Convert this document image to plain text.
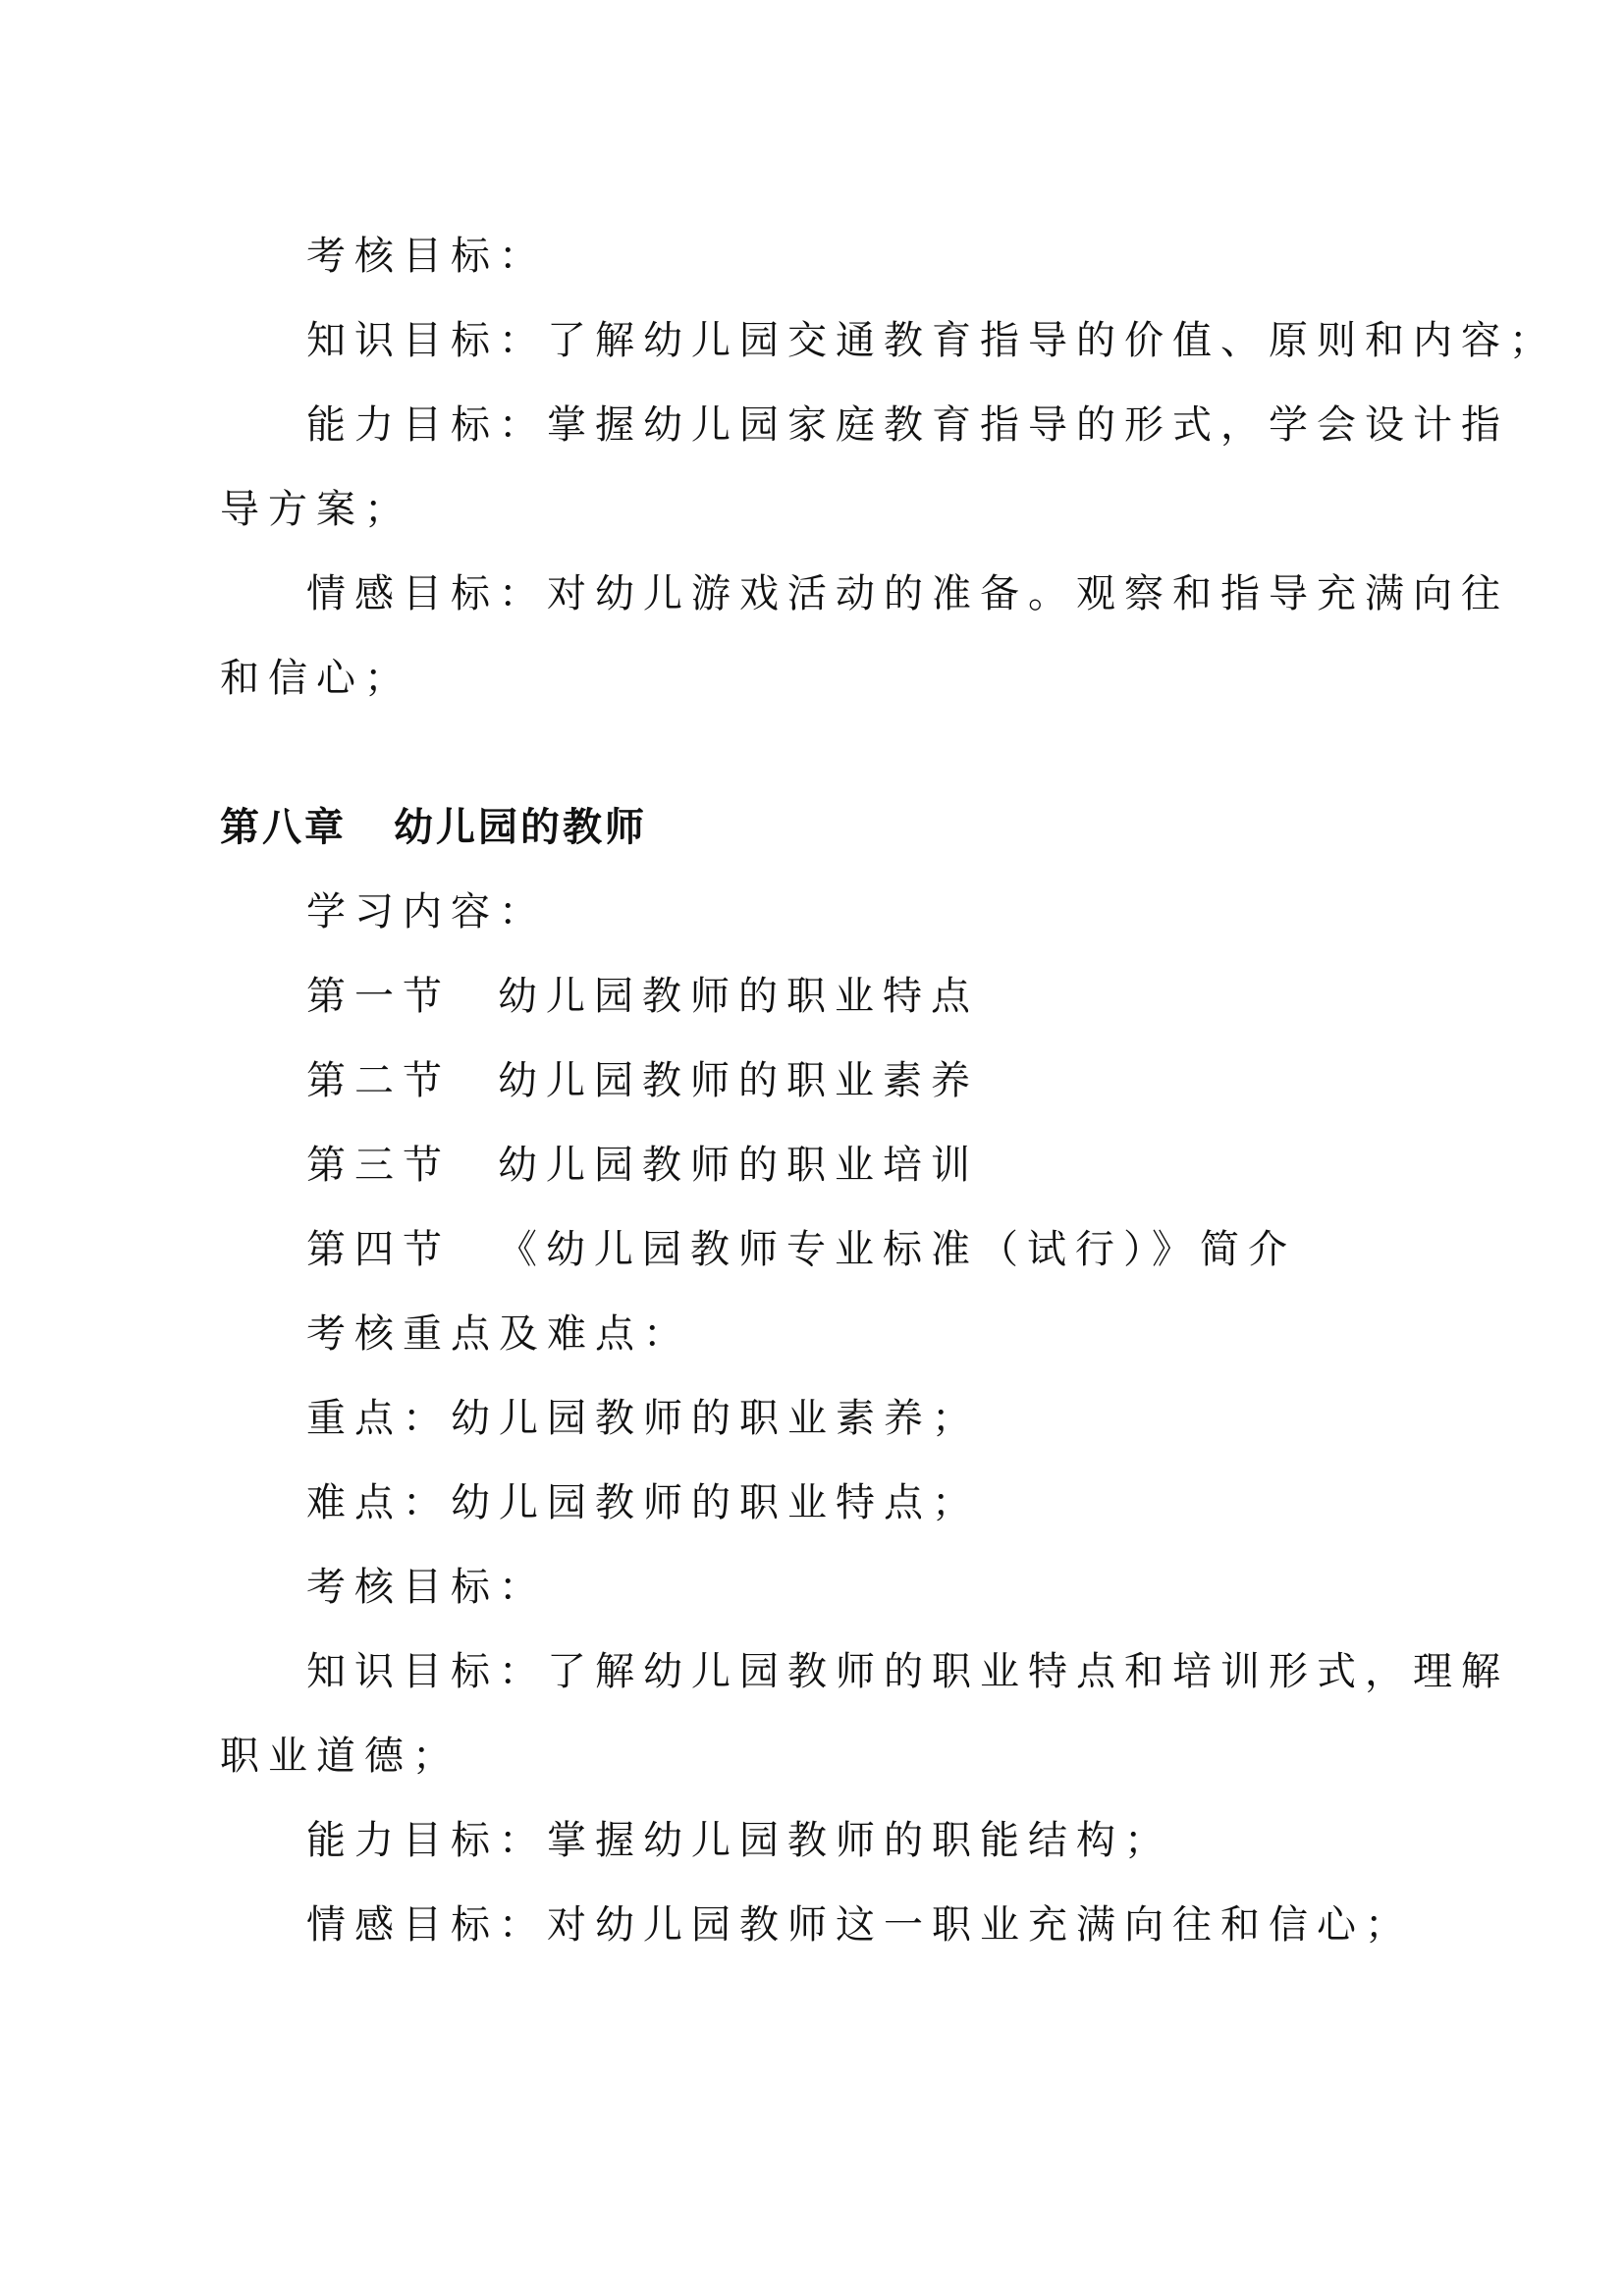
考核目标：

知识目标：了解幼儿园交通教育指导的价值、原则和内容；

能力目标：掌握幼儿园家庭教育指导的形式，学会设计指

导方案；

情感目标：对幼儿游戏活动的准备。观察和指导充满向往

和信心；

第八章 幼儿园的教师

学习内容：

第一节 幼儿园教师的职业特点

第二节 幼儿园教师的职业素养

第三节 幼儿园教师的职业培训

第四节 《幼儿园教师专业标准（试行）》简介

考核重点及难点：

重点：幼儿园教师的职业素养；

难点：幼儿园教师的职业特点；

考核目标：

知识目标：了解幼儿园教师的职业特点和培训形式，理解

职业道德；

能力目标：掌握幼儿园教师的职能结构；

情感目标：对幼儿园教师这一职业充满向往和信心；
